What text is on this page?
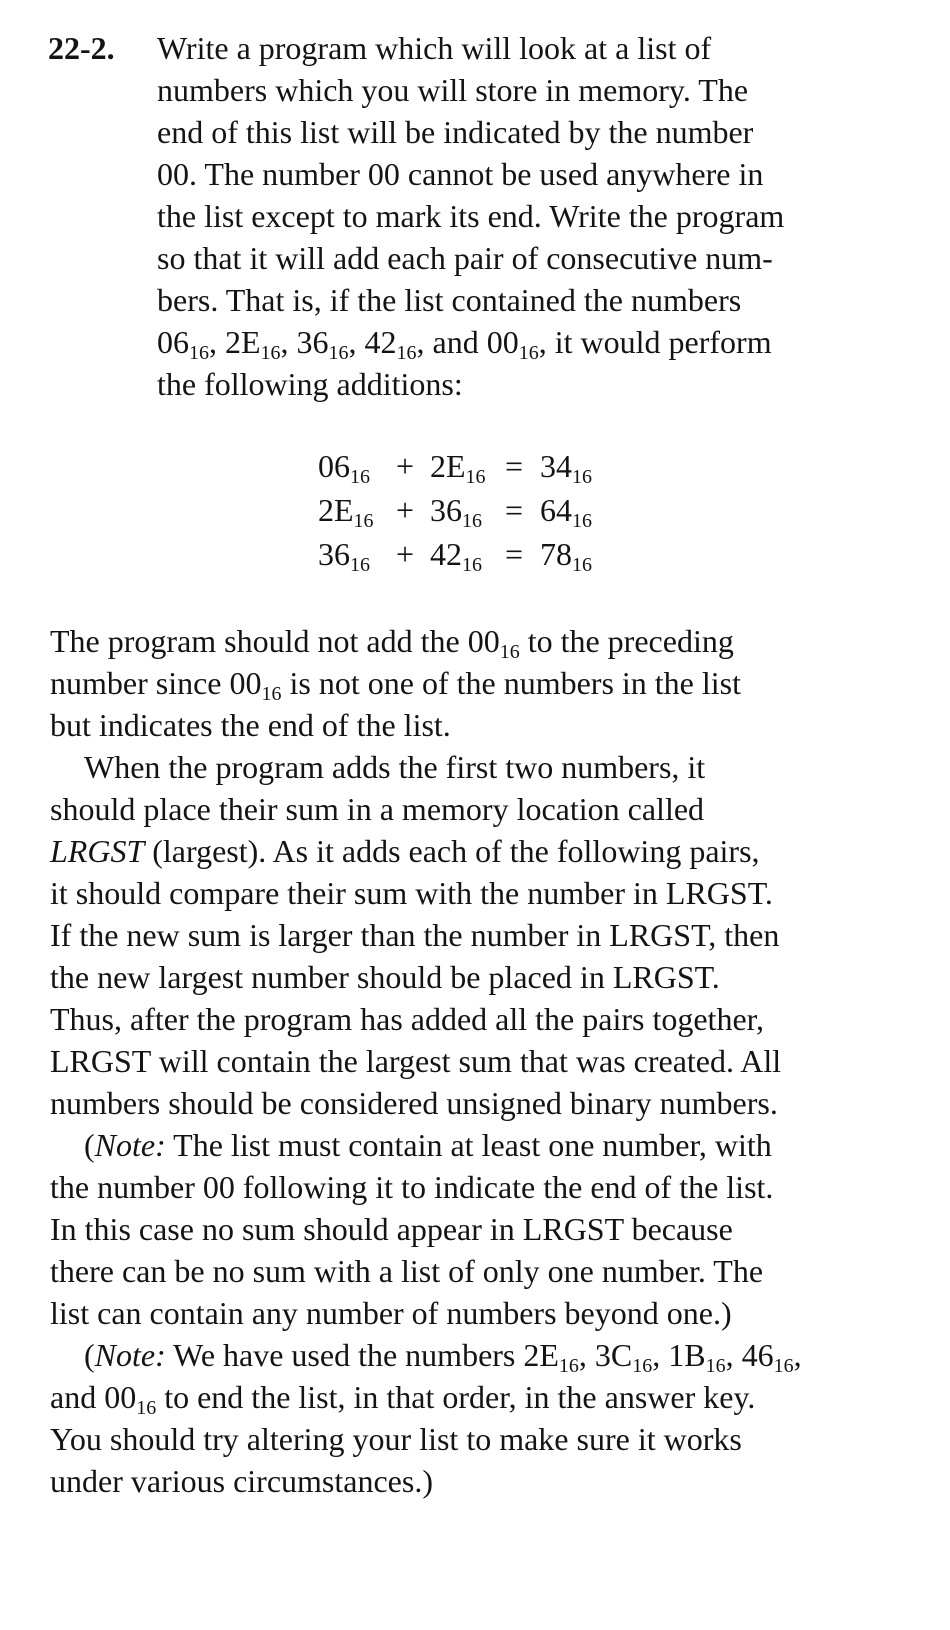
22-2. Write a program which will look at a list of
numbers which you will store in memory. The
end of this list will be indicated by the number
00. The number 00 cannot be used anywhere in
the list except to mark its end. Write the program
so that it will add each pair of consecutive num-
bers. That is, if the list contained the numbers
$06_{16}$, $2E_{16}$, $36_{16}$, $42_{16}$, and $00_{16}$, it would perform
the following additions:
$06_{16} + 2E_{16} = 34_{16}$
$2E_{16} + 36_{16} = 64_{16}$
$36_{16} + 42_{16} = 78_{16}$
The program should not add the $00_{16}$ to the preceding
number since $00_{16}$ is not one of the numbers in the list
but indicates the end of the list.
When the program adds the first two numbers, it
should place their sum in a memory location called
LRGST (largest). As it adds each of the following pairs,
it should compare their sum with the number in LRGST.
If the new sum is larger than the number in LRGST, then
the new largest number should be placed in LRGST.
Thus, after the program has added all the pairs together,
LRGST will contain the largest sum that was created. All
numbers should be considered unsigned binary numbers.
(Note: The list must contain at least one number, with
the number 00 following it to indicate the end of the list.
In this case no sum should appear in LRGST because
there can be no sum with a list of only one number. The
list can contain any number of numbers beyond one.)
(Note: We have used the numbers $2E_{16}$, $3C_{16}$, $1B_{16}$, $46_{16}$,
and $00_{16}$ to end the list, in that order, in the answer key.
You should try altering your list to make sure it works
under various circumstances.)
